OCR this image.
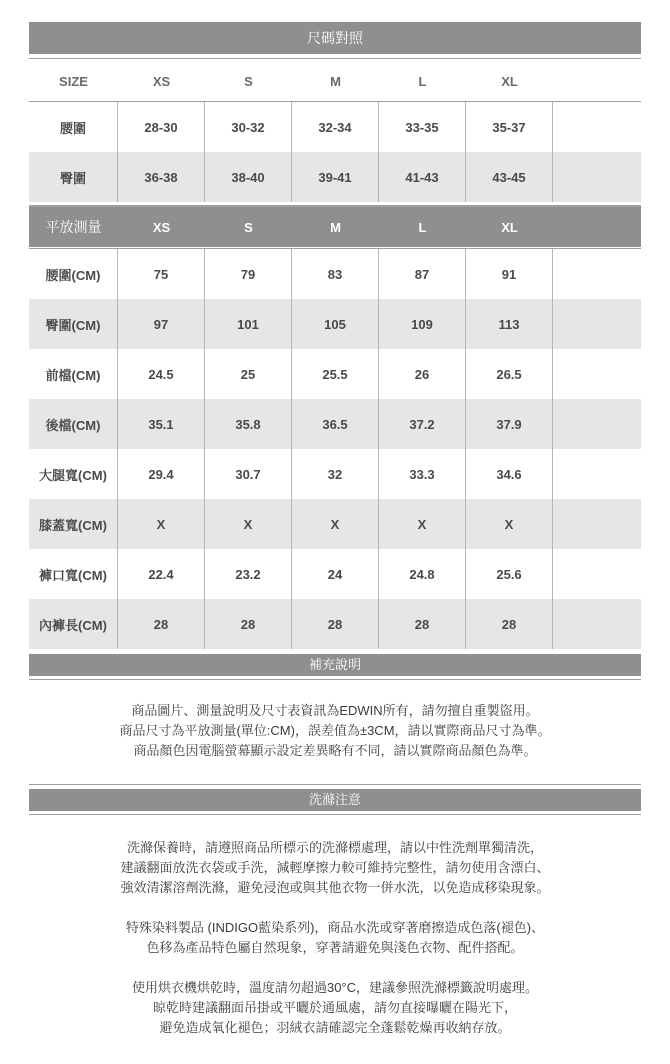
尺碼對照
SIZE	XS	S	M	L	XL
腰圍	28-30	30-32	32-34	33-35	35-37
臀圍	36-38	38-40	39-41	41-43	43-45
平放測量	XS	S	M	L	XL
腰圍(CM)	75	79	83	87	91
臀圍(CM)	97	101	105	109	113
前檔(CM)	24.5	25	25.5	26	26.5
後檔(CM)	35.1	35.8	36.5	37.2	37.9
大腿寬(CM)	29.4	30.7	32	33.3	34.6
膝蓋寬(CM)	X	X	X	X	X
褲口寬(CM)	22.4	23.2	24	24.8	25.6
內褲長(CM)	28	28	28	28	28
補充說明

商品圖片、測量說明及尺寸表資訊為EDWIN所有，請勿擅自重製盜用。

商品尺寸為平放測量(單位:CM)，誤差值為±3CM，請以實際商品尺寸為準。

商品顏色因電腦螢幕顯示設定差異略有不同，請以實際商品顏色為準。

洗滌注意

洗滌保養時，請遵照商品所標示的洗滌標處理，請以中性洗劑單獨清洗，

建議翻面放洗衣袋或手洗，減輕摩擦力較可維持完整性，請勿使用含漂白、

強效清潔溶劑洗滌，避免浸泡或與其他衣物一併水洗，以免造成移染現象。

特殊染料製品 (INDIGO藍染系列)，商品水洗或穿著磨擦造成色落(褪色)、

色移為產品特色屬自然現象，穿著請避免與淺色衣物、配件搭配。

使用烘衣機烘乾時，溫度請勿超過30°C，建議參照洗滌標籤說明處理。

晾乾時建議翻面吊掛或平曬於通風處，請勿直接曝曬在陽光下，

避免造成氧化褪色；羽絨衣請確認完全蓬鬆乾燥再收納存放。
